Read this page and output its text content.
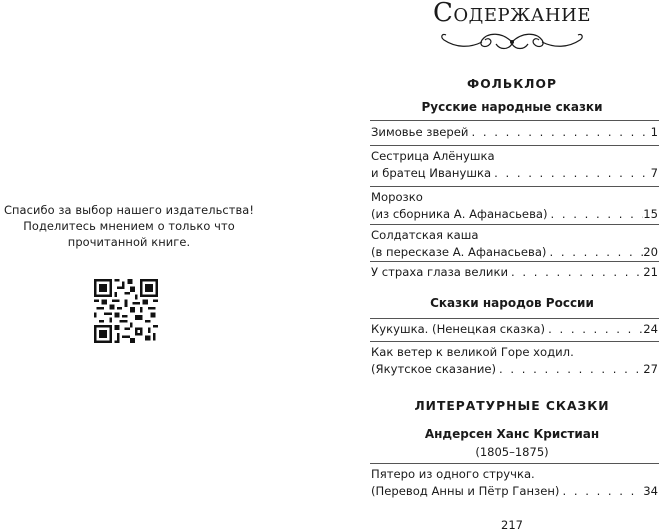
Спасибо за выбор нашего издательства!
Поделитесь мнением о только что
прочитанной книге.
Содержание
ФОЛЬКЛОР
Русские народные сказки
Зимовье зверей . . .	1
Сестрица Алёнушка
и братец Иванушка . . .	7
Морозко
(из сборника А. Афанасьева) . . .	15
Солдатская каша
(в пересказе А. Афанасьева) . . .	20
У страха глаза велики . . .	21
Сказки народов России
Кукушка. (Ненецкая сказка) . . .	24
Как ветер к великой Горе ходил.
(Якутское сказание) . . .	27
ЛИТЕРАТУРНЫЕ СКАЗКИ
Андерсен Ханс Кристиан
(1805–1875)
Пятеро из одного стручка.
(Перевод Анны и Пётр Ганзен) . . .	34
217
